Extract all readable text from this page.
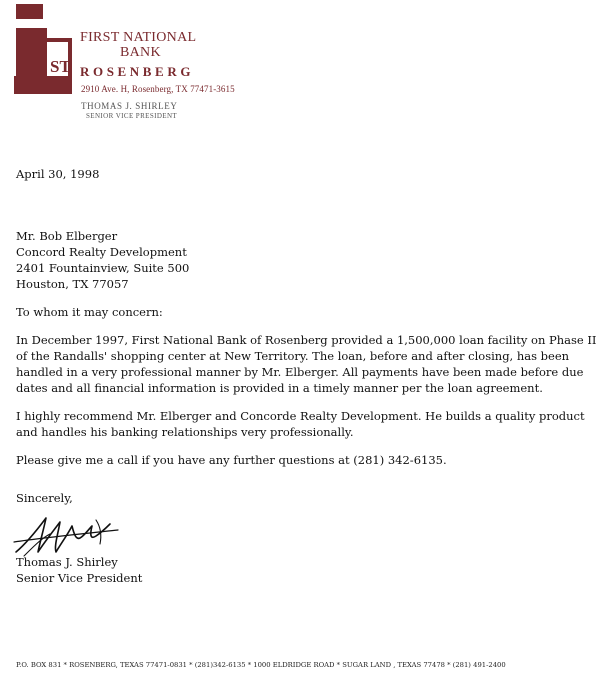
ST
FIRST NATIONAL
BANK
ROSENBERG
2910 Ave. H, Rosenberg, TX 77471-3615
THOMAS J. SHIRLEY
SENIOR VICE PRESIDENT

April 30, 1998

Mr. Bob Elberger
Concord Realty Development
2401 Fountainview, Suite 500
Houston, TX 77057

To whom it may concern:

In December 1997, First National Bank of Rosenberg provided a 1,500,000 loan facility on Phase II of the Randalls' shopping center at New Territory. The loan, before and after closing, has been handled in a very professional manner by Mr. Elberger. All payments have been made before due dates and all financial information is provided in a timely manner per the loan agreement.

I highly recommend Mr. Elberger and Concorde Realty Development. He builds a quality product and handles his banking relationships very professionally.

Please give me a call if you have any further questions at (281) 342-6135.

Sincerely,

Thomas J. Shirley

Senior Vice President

P.O. BOX 831 * ROSENBERG, TEXAS 77471-0831 * (281)342-6135 * 1000 ELDRIDGE ROAD * SUGAR LAND , TEXAS 77478 * (281) 491-2400
